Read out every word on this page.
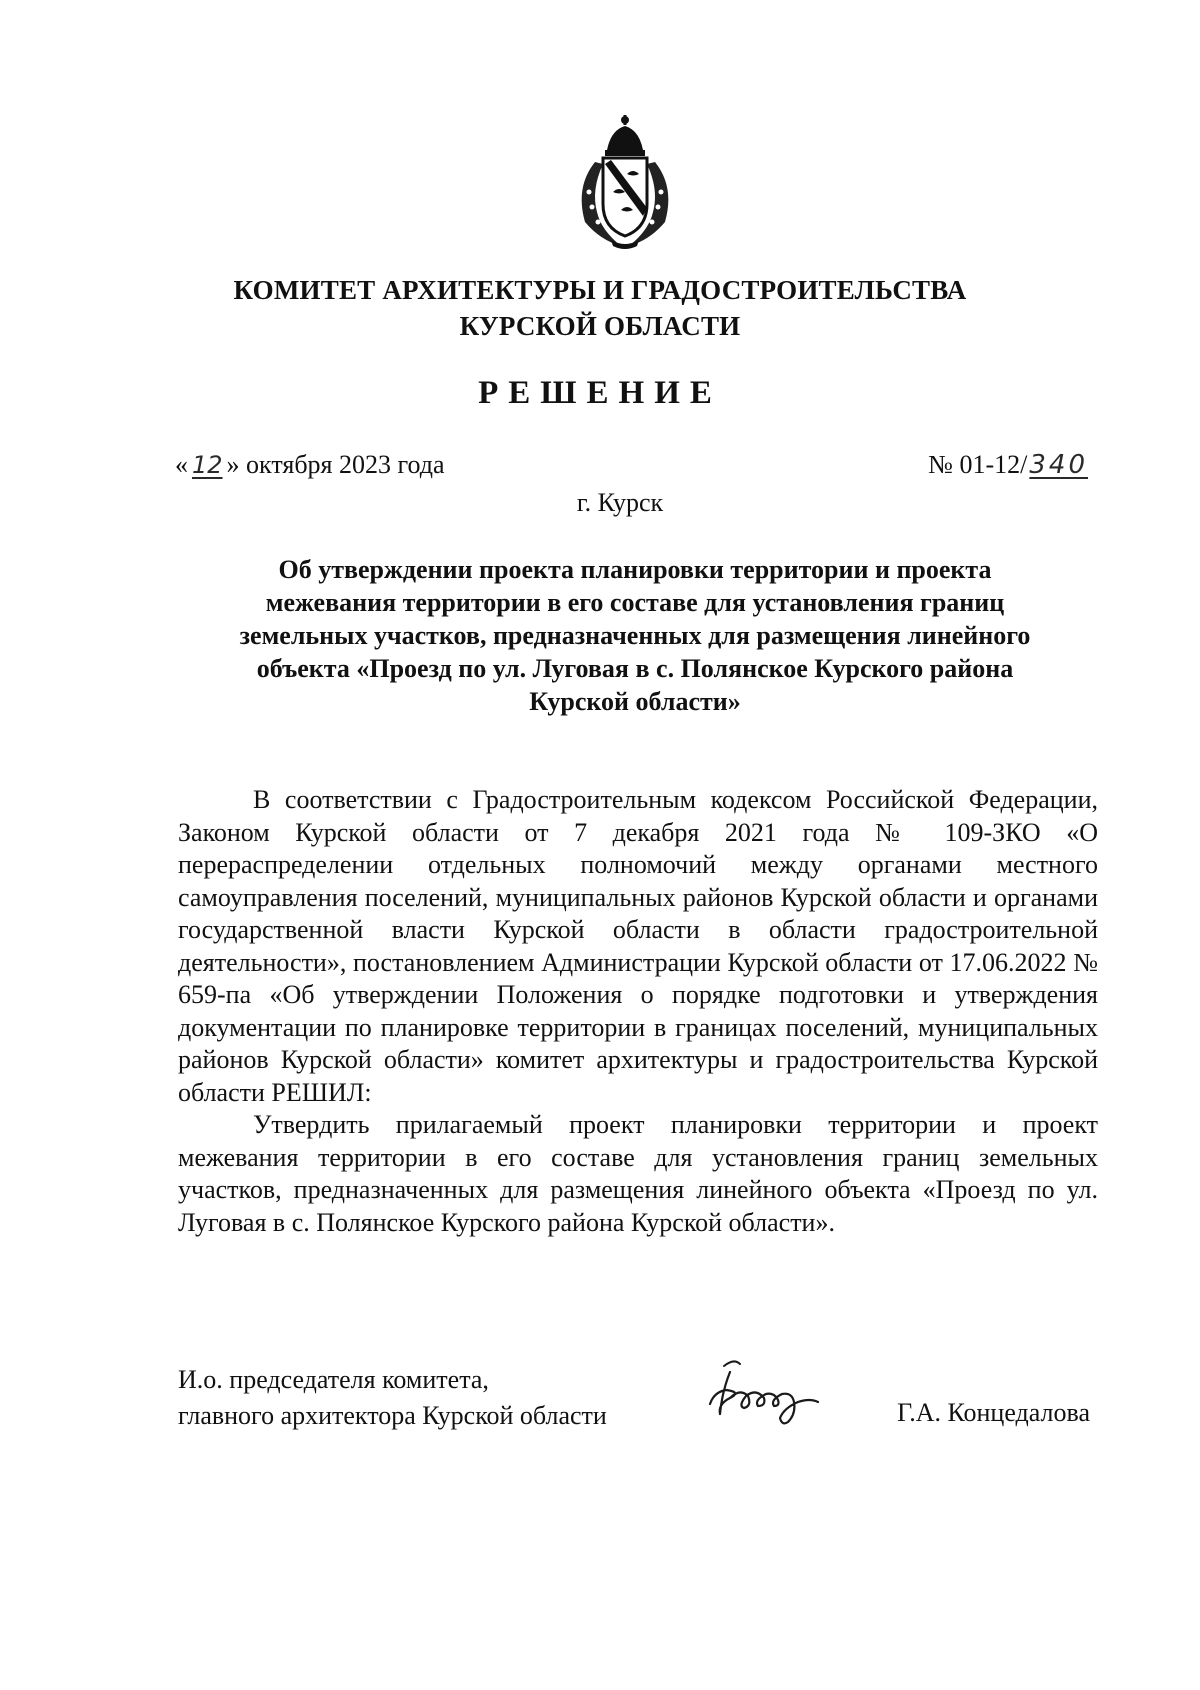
КОМИТЕТ АРХИТЕКТУРЫ И ГРАДОСТРОИТЕЛЬСТВА
КУРСКОЙ ОБЛАСТИ
РЕШЕНИЕ
« 12 » октября 2023 года	№ 01-12/340
г. Курск
Об утверждении проекта планировки территории и проекта
межевания территории в его составе для установления границ
земельных участков, предназначенных для размещения линейного
объекта «Проезд по ул. Луговая в с. Полянское Курского района
Курской области»

В соответствии с Градостроительным кодексом Российской Федерации, Законом Курской области от 7 декабря 2021 года № 109-ЗКО «О перераспределении отдельных полномочий между органами местного самоуправления поселений, муниципальных районов Курской области и органами государственной власти Курской области в области градостроительной деятельности», постановлением Администрации Курской области от 17.06.2022 № 659-па «Об утверждении Положения о порядке подготовки и утверждения документации по планировке территории в границах поселений, муниципальных районов Курской области» комитет архитектуры и градостроительства Курской области РЕШИЛ:

Утвердить прилагаемый проект планировки территории и проект межевания территории в его составе для установления границ земельных участков, предназначенных для размещения линейного объекта «Проезд по ул. Луговая в с. Полянское Курского района Курской области».

И.о. председателя комитета,
главного архитектора Курской области	Г.А. Концедалова
